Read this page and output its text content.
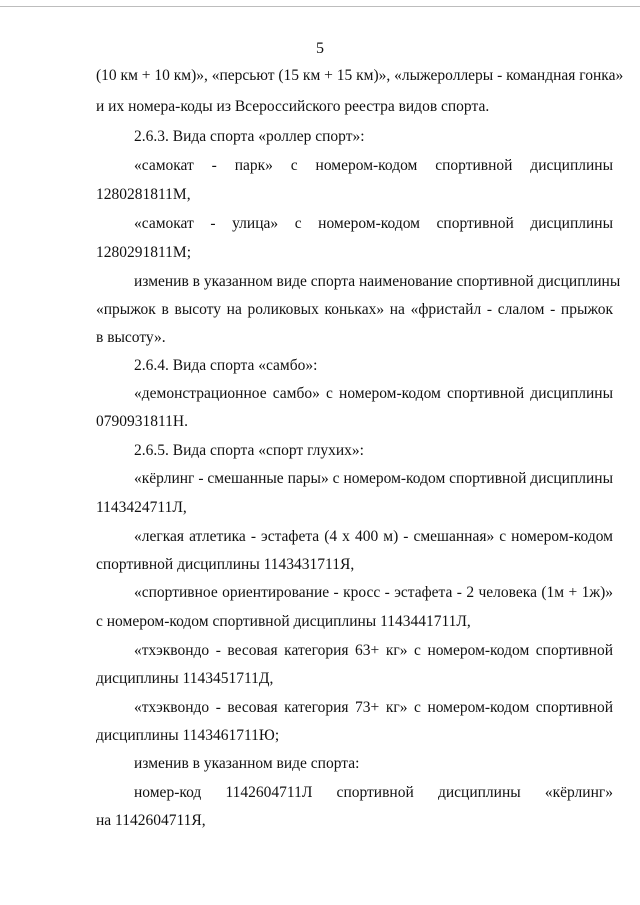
5
(10 км + 10 км)», «персьют (15 км + 15 км)», «лыжероллеры - командная гонка»
и их номера-коды из Всероссийского реестра видов спорта.
2.6.3. Вида спорта «роллер спорт»:
«самокат - парк» с номером-кодом спортивной дисциплины
1280281811М,
«самокат - улица» с номером-кодом спортивной дисциплины
1280291811М;
изменив в указанном виде спорта наименование спортивной дисциплины
«прыжок в высоту на роликовых коньках» на «фристайл - слалом - прыжок
в высоту».
2.6.4. Вида спорта «самбо»:
«демонстрационное самбо» с номером-кодом спортивной дисциплины
0790931811Н.
2.6.5. Вида спорта «спорт глухих»:
«кёрлинг - смешанные пары» с номером-кодом спортивной дисциплины
1143424711Л,
«легкая атлетика - эстафета (4 х 400 м) - смешанная» с номером-кодом
спортивной дисциплины 1143431711Я,
«спортивное ориентирование - кросс - эстафета - 2 человека (1м + 1ж)»
с номером-кодом спортивной дисциплины 1143441711Л,
«тхэквондо - весовая категория 63+ кг» с номером-кодом спортивной
дисциплины 1143451711Д,
«тхэквондо - весовая категория 73+ кг» с номером-кодом спортивной
дисциплины 1143461711Ю;
изменив в указанном виде спорта:
номер-код 1142604711Л спортивной дисциплины «кёрлинг»
на 1142604711Я,
